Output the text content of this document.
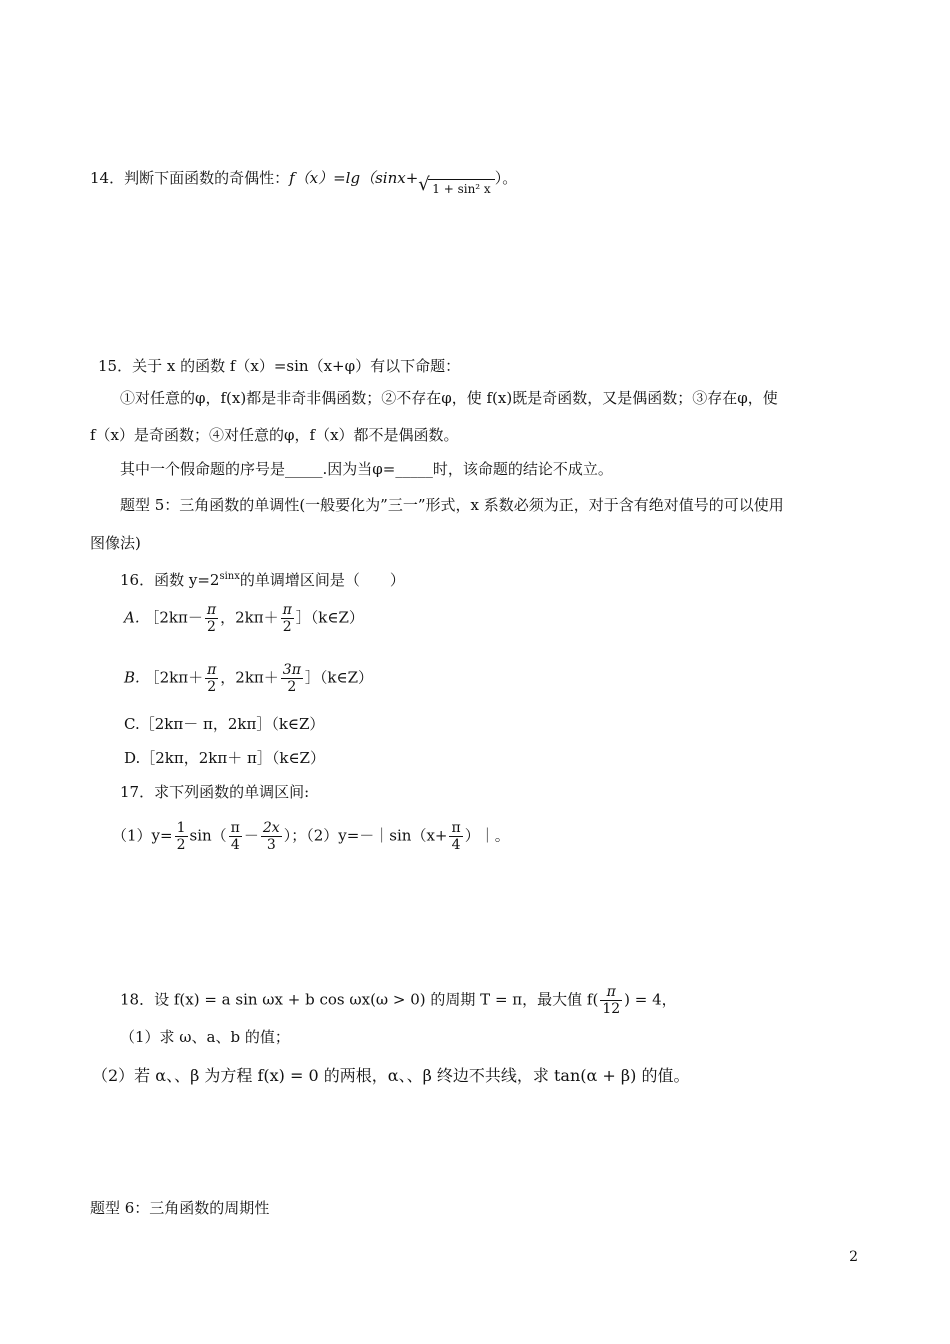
14．判断下面函数的奇偶性：f（x）=lg（sinx+ √ 1 + sin² x）。
15．关于 x 的函数 f（x）=sin（x+φ）有以下命题：
①对任意的φ，f(x)都是非奇非偶函数；②不存在φ，使 f(x)既是奇函数，又是偶函数；③存在φ，使
f（x）是奇函数；④对任意的φ，f（x）都不是偶函数。
其中一个假命题的序号是_____.因为当φ=_____时，该命题的结论不成立。
题型 5：三角函数的单调性(一般要化为”三一”形式，x 系数必须为正，对于含有绝对值号的可以使用
图像法)
16．函数 $y=2^{sinx}$的单调增区间是（　　）
A. ［2kπ－ $\frac{\pi}{2}$ ，$2k\pi+ \frac{\pi}{2}$ ］（k∈Z）
B. ［2kπ＋ $\frac{\pi}{2}$ ，$2k\pi+ \frac{3\pi}{2}$ ］（k∈Z）
C.［2kπ－ π，2kπ］（k∈Z）
D.［2kπ，2kπ＋ π］（k∈Z）
17．求下列函数的单调区间:
$(1)y= \frac{1}{2} \sin( \frac{\pi}{4} - \frac{2x}{3}$ ）；（2）y=－｜sin（x+ $\frac{\pi}{4}$ ）｜。
18．设 f(x) = a sin ωx + b cos ωx(ω > 0) 的周期 T = π，最大值 $f( \frac{\pi}{12}$ ) = 4，
（1）求 ω、a、b 的值；
（2）若 α、、β 为方程 f(x) = 0 的两根，α、、β 终边不共线，求 tan(α + β) 的值。
题型 6：三角函数的周期性
2
